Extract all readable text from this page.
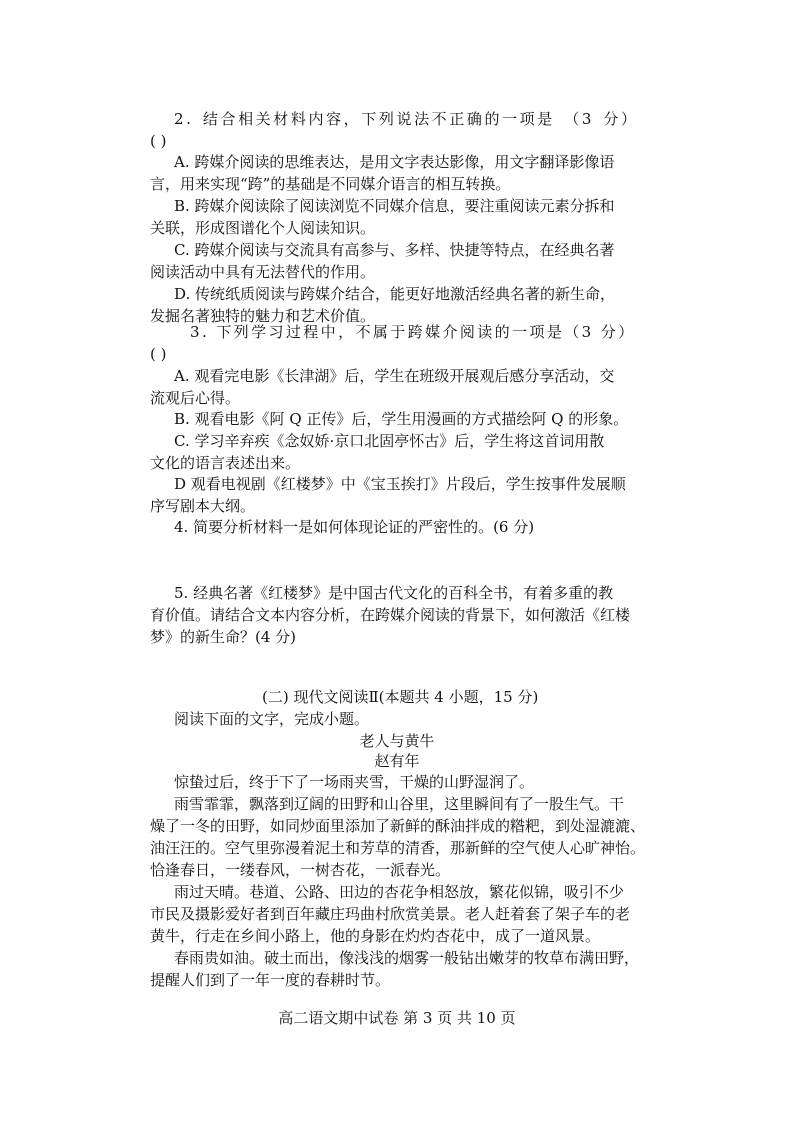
2. 结合相关材料内容，下列说法不正确的一项是 （3 分）
( )
A. 跨媒介阅读的思维表达，是用文字表达影像，用文字翻译影像语
言，用来实现“跨”的基础是不同媒介语言的相互转换。
B. 跨媒介阅读除了阅读浏览不同媒介信息，要注重阅读元素分拆和
关联，形成图谱化个人阅读知识。
C. 跨媒介阅读与交流具有高参与、多样、快捷等特点，在经典名著
阅读活动中具有无法替代的作用。
D. 传统纸质阅读与跨媒介结合，能更好地激活经典名著的新生命，
发掘名著独特的魅力和艺术价值。
3. 下列学习过程中，不属于跨媒介阅读的一项是（3 分）
( )
A. 观看完电影《长津湖》后，学生在班级开展观后感分享活动，交
流观后心得。
B. 观看电影《阿 Q 正传》后，学生用漫画的方式描绘阿 Q 的形象。
C. 学习辛弃疾《念奴娇·京口北固亭怀古》后，学生将这首词用散
文化的语言表述出来。
D 观看电视剧《红楼梦》中《宝玉挨打》片段后，学生按事件发展顺
序写剧本大纲。
4. 简要分析材料一是如何体现论证的严密性的。(6 分)
5. 经典名著《红楼梦》是中国古代文化的百科全书，有着多重的教
育价值。请结合文本内容分析，在跨媒介阅读的背景下，如何激活《红楼
梦》的新生命？(4 分)
(二) 现代文阅读Ⅱ(本题共 4 小题，15 分)
阅读下面的文字，完成小题。
老人与黄牛
赵有年
惊蛰过后，终于下了一场雨夹雪，干燥的山野湿润了。
雨雪霏霏，飘落到辽阔的田野和山谷里，这里瞬间有了一股生气。干
燥了一冬的田野，如同炒面里添加了新鲜的酥油拌成的糌粑，到处湿漉漉、
油汪汪的。空气里弥漫着泥土和芳草的清香，那新鲜的空气使人心旷神怡。
恰逢春日，一缕春风，一树杏花，一派春光。
雨过天晴。巷道、公路、田边的杏花争相怒放，繁花似锦，吸引不少
市民及摄影爱好者到百年藏庄玛曲村欣赏美景。老人赶着套了架子车的老
黄牛，行走在乡间小路上，他的身影在灼灼杏花中，成了一道风景。
春雨贵如油。破土而出，像浅浅的烟雾一般钻出嫩芽的牧草布满田野，
提醒人们到了一年一度的春耕时节。
高二语文期中试卷 第 3 页 共 10 页
